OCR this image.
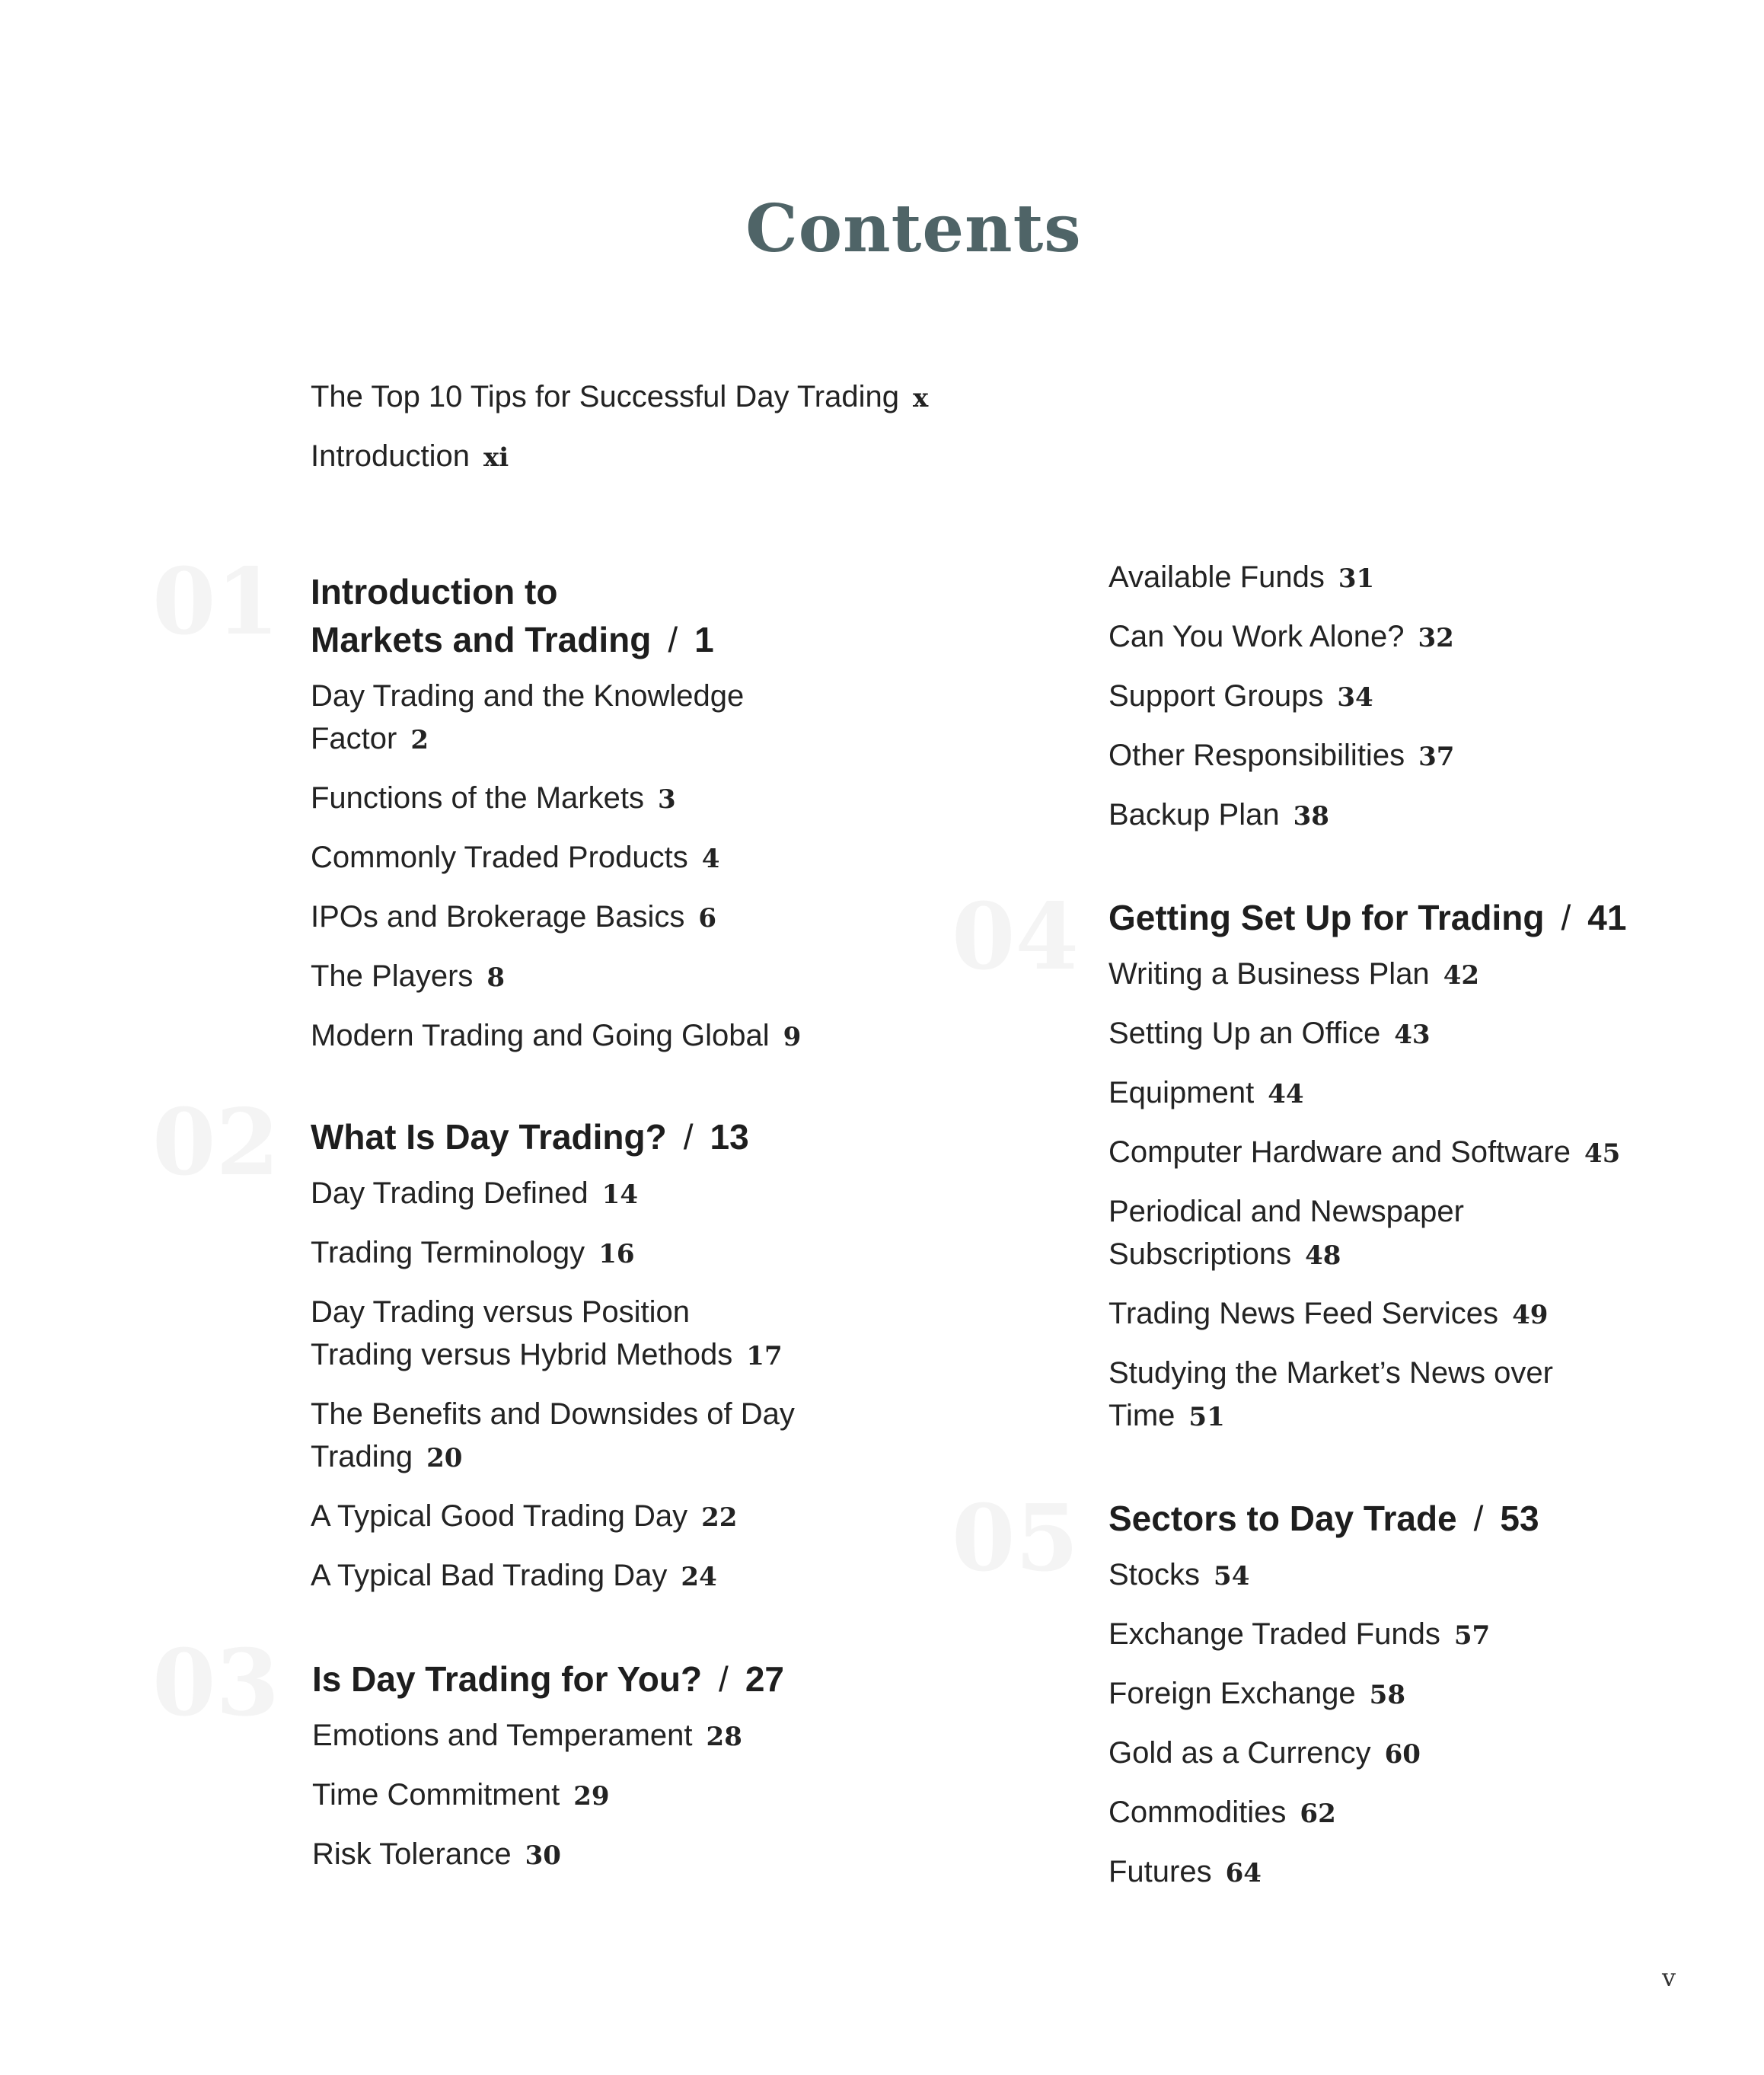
Contents
01
02
03
04
05
The Top 10 Tips for Successful Day Trading x
Introduction xi
Introduction to
Markets and Trading / 1
Day Trading and the Knowledge
Factor 2
Functions of the Markets 3
Commonly Traded Products 4
IPOs and Brokerage Basics 6
The Players 8
Modern Trading and Going Global 9
What Is Day Trading? / 13
Day Trading Defined 14
Trading Terminology 16
Day Trading versus Position
Trading versus Hybrid Methods 17
The Benefits and Downsides of Day
Trading 20
A Typical Good Trading Day 22
A Typical Bad Trading Day 24
Is Day Trading for You? / 27
Emotions and Temperament 28
Time Commitment 29
Risk Tolerance 30
Available Funds 31
Can You Work Alone? 32
Support Groups 34
Other Responsibilities 37
Backup Plan 38
Getting Set Up for Trading / 41
Writing a Business Plan 42
Setting Up an Office 43
Equipment 44
Computer Hardware and Software 45
Periodical and Newspaper
Subscriptions 48
Trading News Feed Services 49
Studying the Market’s News over
Time 51
Sectors to Day Trade / 53
Stocks 54
Exchange Traded Funds 57
Foreign Exchange 58
Gold as a Currency 60
Commodities 62
Futures 64
v
